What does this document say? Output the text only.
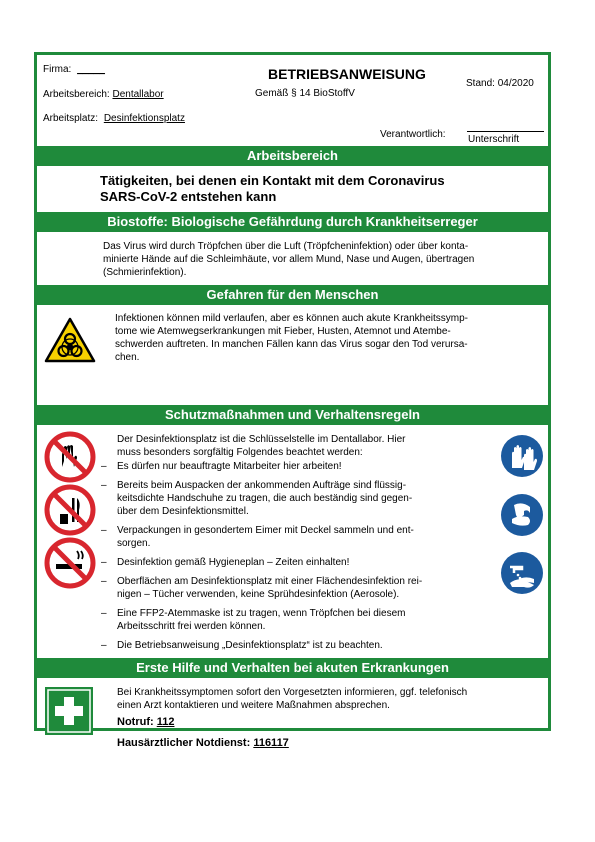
Firma: _____
Arbeitsbereich: Dentallabor
Arbeitsplatz: Desinfektionsplatz
BETRIEBSANWEISUNG
Gemäß § 14 BioStoffV
Stand: 04/2020
Verantwortlich: Unterschrift
Arbeitsbereich
Tätigkeiten, bei denen ein Kontakt mit dem Coronavirus
SARS-CoV-2 entstehen kann
Biostoffe: Biologische Gefährdung durch Krankheitserreger
Das Virus wird durch Tröpfchen über die Luft (Tröpfcheninfektion) oder über konta-
minierte Hände auf die Schleimhäute, vor allem Mund, Nase und Augen, übertragen
(Schmierinfektion).
Gefahren für den Menschen
Infektionen können mild verlaufen, aber es können auch akute Krankheitssymp-
tome wie Atemwegserkrankungen mit Fieber, Husten, Atemnot und Atembe-
schwerden auftreten. In manchen Fällen kann das Virus sogar den Tod verursa-
chen.
Schutzmaßnahmen und Verhaltensregeln
Der Desinfektionsplatz ist die Schlüsselstelle im Dentallabor. Hier
muss besonders sorgfältig Folgendes beachtet werden:
– Es dürfen nur beauftragte Mitarbeiter hier arbeiten!
– Bereits beim Auspacken der ankommenden Aufträge sind flüssig-
keitsdichte Handschuhe zu tragen, die auch beständig sind gegen-
über dem Desinfektionsmittel.
– Verpackungen in gesondertem Eimer mit Deckel sammeln und ent-
sorgen.
– Desinfektion gemäß Hygieneplan – Zeiten einhalten!
– Oberflächen am Desinfektionsplatz mit einer Flächendesinfektion rei-
nigen – Tücher verwenden, keine Sprühdesinfektion (Aerosole).
– Eine FFP2-Atemmaske ist zu tragen, wenn Tröpfchen bei diesem
Arbeitsschritt frei werden können.
– Die Betriebsanweisung „Desinfektionsplatz“ ist zu beachten.
Erste Hilfe und Verhalten bei akuten Erkrankungen
Bei Krankheitssymptomen sofort den Vorgesetzten informieren, ggf. telefonisch
einen Arzt kontaktieren und weitere Maßnahmen absprechen.
Notruf: 112
Hausärztlicher Notdienst: 116117
